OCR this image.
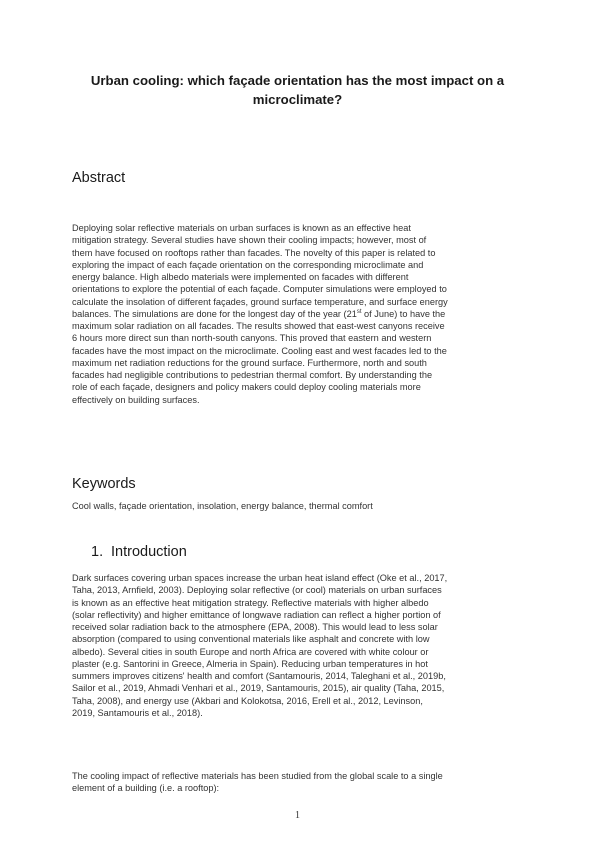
Urban cooling: which façade orientation has the most impact on a
microclimate?
Abstract
Deploying solar reflective materials on urban surfaces is known as an effective heat
mitigation strategy. Several studies have shown their cooling impacts; however, most of
them have focused on rooftops rather than facades. The novelty of this paper is related to
exploring the impact of each façade orientation on the corresponding microclimate and
energy balance. High albedo materials were implemented on facades with different
orientations to explore the potential of each façade. Computer simulations were employed to
calculate the insolation of different façades, ground surface temperature, and surface energy
balances. The simulations are done for the longest day of the year (21st of June) to have the
maximum solar radiation on all facades. The results showed that east-west canyons receive
6 hours more direct sun than north-south canyons. This proved that eastern and western
facades have the most impact on the microclimate. Cooling east and west facades led to the
maximum net radiation reductions for the ground surface. Furthermore, north and south
facades had negligible contributions to pedestrian thermal comfort. By understanding the
role of each façade, designers and policy makers could deploy cooling materials more
effectively on building surfaces.
Keywords
Cool walls, façade orientation, insolation, energy balance, thermal comfort
1. Introduction
Dark surfaces covering urban spaces increase the urban heat island effect (Oke et al., 2017,
Taha, 2013, Arnfield, 2003). Deploying solar reflective (or cool) materials on urban surfaces
is known as an effective heat mitigation strategy. Reflective materials with higher albedo
(solar reflectivity) and higher emittance of longwave radiation can reflect a higher portion of
received solar radiation back to the atmosphere (EPA, 2008). This would lead to less solar
absorption (compared to using conventional materials like asphalt and concrete with low
albedo). Several cities in south Europe and north Africa are covered with white colour or
plaster (e.g. Santorini in Greece, Almeria in Spain). Reducing urban temperatures in hot
summers improves citizens' health and comfort (Santamouris, 2014, Taleghani et al., 2019b,
Sailor et al., 2019, Ahmadi Venhari et al., 2019, Santamouris, 2015), air quality (Taha, 2015,
Taha, 2008), and energy use (Akbari and Kolokotsa, 2016, Erell et al., 2012, Levinson,
2019, Santamouris et al., 2018).
The cooling impact of reflective materials has been studied from the global scale to a single
element of a building (i.e. a rooftop):
1
